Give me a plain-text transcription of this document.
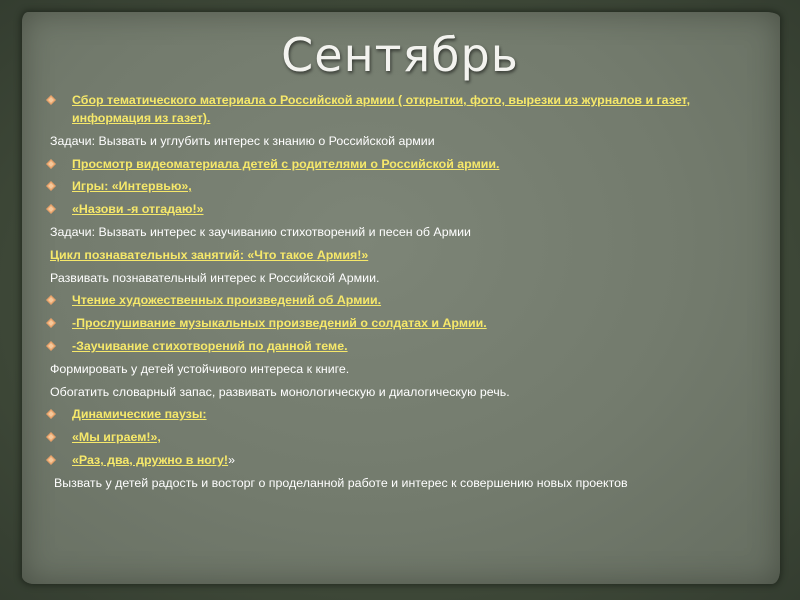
Сентябрь
Сбор тематического материала о Российской армии ( открытки, фото, вырезки из журналов и газет, информация из газет).
Задачи: Вызвать и углубить интерес к знанию о Российской армии
Просмотр видеоматериала детей с родителями о Российской армии.
Игры: «Интервью»,
«Назови -я отгадаю!»
Задачи: Вызвать интерес к заучиванию стихотворений и песен об Армии
Цикл познавательных занятий: «Что такое Армия!»
Развивать познавательный интерес к Российской Армии.
Чтение художественных произведений об Армии.
-Прослушивание музыкальных произведений о солдатах и Армии.
-Заучивание стихотворений по данной теме.
Формировать у детей устойчивого интереса к книге.
Обогатить словарный запас, развивать монологическую и диалогическую речь.
Динамические паузы:
«Мы играем!»,
«Раз, два, дружно в ногу!»
Вызвать у детей радость и восторг о проделанной работе и интерес к совершению новых проектов
